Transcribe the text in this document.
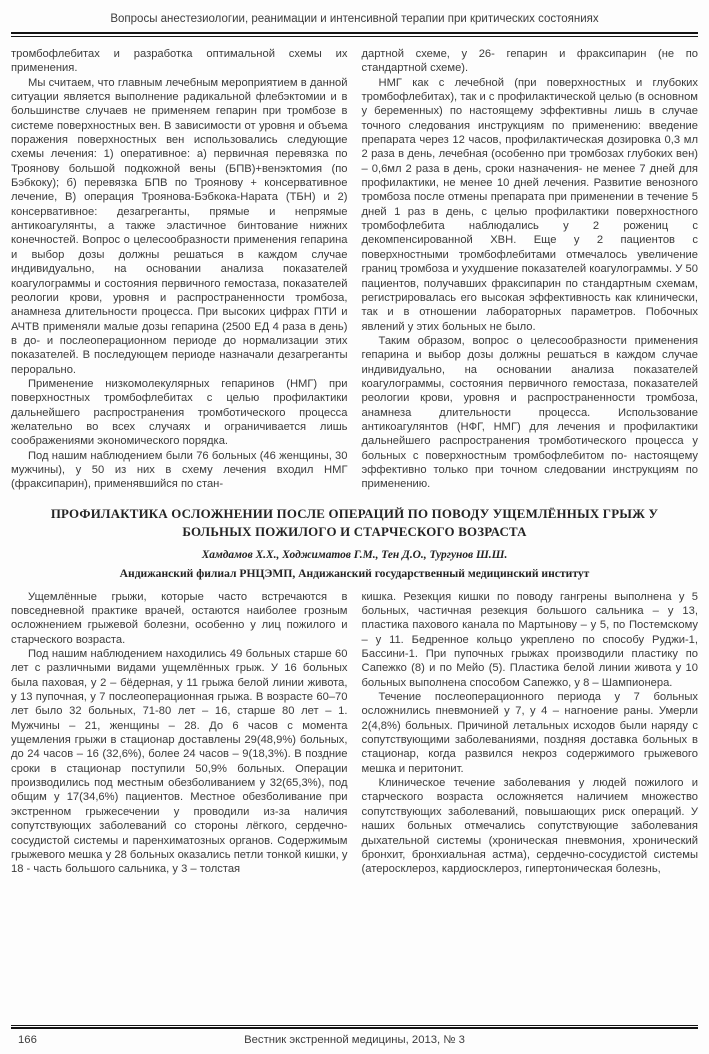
Вопросы анестезиологии, реанимации и интенсивной терапии при критических состояниях

тромбофлебитах и разработка оптимальной схемы их применения.

Мы считаем, что главным лечебным мероприятием в данной ситуации является выполнение радикальной флебэктомии и в большинстве случаев не применяем гепарин при тромбозе в системе поверхностных вен. В зависимости от уровня и объема поражения поверхностных вен использовались следующие схемы лечения: 1) оперативное: а) первичная перевязка по Троянову большой подкожной вены (БПВ)+венэктомия (по Бэбкоку); б) перевязка БПВ по Троянову + консервативное лечение, В) операция Троянова-Бэбкока-Нарата (ТБН) и 2) консервативное: дезагреганты, прямые и непрямые антикоагулянты, а также эластичное бинтование нижних конечностей. Вопрос о целесообразности применения гепарина и выбор дозы должны решаться в каждом случае индивидуально, на основании анализа показателей коагулограммы и состояния первичного гемостаза, показателей реологии крови, уровня и распространенности тромбоза, анамнеза длительности процесса. При высоких цифрах ПТИ и АЧТВ применяли малые дозы гепарина (2500 ЕД 4 раза в день) в до- и послеоперационном периоде до нормализации этих показателей. В последующем периоде назначали дезагреганты перорально.

Применение низкомолекулярных гепаринов (НМГ) при поверхностных тромбофлебитах с целью профилактики дальнейшего распространения тромботического процесса желательно во всех случаях и ограничивается лишь соображениями экономического порядка.

Под нашим наблюдением были 76 больных (46 женщины, 30 мужчины), у 50 из них в схему лечения входил НМГ (фраксипарин), применявшийся по стан-

дартной схеме, у 26- гепарин и фраксипарин (не по стандартной схеме).

НМГ как с лечебной (при поверхностных и глубоких тромбофлебитах), так и с профилактической целью (в основном у беременных) по настоящему эффективны лишь в случае точного следования инструкциям по применению: введение препарата через 12 часов, профилактическая дозировка 0,3 мл 2 раза в день, лечебная (особенно при тромбозах глубоких вен) – 0,6мл 2 раза в день, сроки назначения- не менее 7 дней для профилактики, не менее 10 дней лечения. Развитие венозного тромбоза после отмены препарата при применении в течение 5 дней 1 раз в день, с целью профилактики поверхностного тромбофлебита наблюдались у 2 рожениц с декомпенсированной ХВН. Еще у 2 пациентов с поверхностными тромбофлебитами отмечалось увеличение границ тромбоза и ухудшение показателей коагулограммы. У 50 пациентов, получавших фраксипарин по стандартным схемам, регистрировалась его высокая эффективность как клинически, так и в отношении лабораторных параметров. Побочных явлений у этих больных не было.

Таким образом, вопрос о целесообразности применения гепарина и выбор дозы должны решаться в каждом случае индивидуально, на основании анализа показателей коагулограммы, состояния первичного гемостаза, показателей реологии крови, уровня и распространенности тромбоза, анамнеза длительности процесса. Использование антикоагулянтов (НФГ, НМГ) для лечения и профилактики дальнейшего распространения тромботического процесса у больных с поверхностным тромбофлебитом по- настоящему эффективно только при точном следовании инструкциям по применению.

ПРОФИЛАКТИКА ОСЛОЖНЕНИИ ПОСЛЕ ОПЕРАЦИЙ ПО ПОВОДУ УЩЕМЛЁННЫХ ГРЫЖ У БОЛЬНЫХ ПОЖИЛОГО И СТАРЧЕСКОГО ВОЗРАСТА
Хамдамов Х.Х., Ходжиматов Г.М., Тен Д.О., Тургунов Ш.Ш.
Андижанский филиал РНЦЭМП, Андижанский государственный медицинский институт

Ущемлённые грыжи, которые часто встречаются в повседневной практике врачей, остаются наиболее грозным осложнением грыжевой болезни, особенно у лиц пожилого и старческого возраста.

Под нашим наблюдением находились 49 больных старше 60 лет с различными видами ущемлённых грыж. У 16 больных была паховая, у 2 – бёдерная, у 11 грыжа белой линии живота, у 13 пупочная, у 7 послеоперационная грыжа. В возрасте 60–70 лет было 32 больных, 71-80 лет – 16, старше 80 лет – 1. Мужчины – 21, женщины – 28. До 6 часов с момента ущемления грыжи в стационар доставлены 29(48,9%) больных, до 24 часов – 16 (32,6%), более 24 часов – 9(18,3%). В поздние сроки в стационар поступили 50,9% больных. Операции производились под местным обезболиванием у 32(65,3%), под общим у 17(34,6%) пациентов. Местное обезболивание при экстренном грыжесечении у проводили из-за наличия сопутствующих заболеваний со стороны лёгкого, сердечно-сосудистой системы и паренхиматозных органов. Содержимым грыжевого мешка у 28 больных оказались петли тонкой кишки, у 18 - часть большого сальника, у 3 – толстая

кишка. Резекция кишки по поводу гангрены выполнена у 5 больных, частичная резекция большого сальника – у 13, пластика пахового канала по Мартынову – у 5, по Постемскому – у 11. Бедренное кольцо укреплено по способу Руджи-1, Бассини-1. При пупочных грыжах производили пластику по Сапежко (8) и по Мейо (5). Пластика белой линии живота у 10 больных выполнена способом Сапежко, у 8 – Шампионера.

Течение послеоперационного периода у 7 больных осложнились пневмонией у 7, у 4 – нагноение раны. Умерли 2(4,8%) больных. Причиной летальных исходов были наряду с сопутствующими заболеваниями, поздняя доставка больных в стационар, когда развился некроз содержимого грыжевого мешка и перитонит.

Клиническое течение заболевания у людей пожилого и старческого возраста осложняется наличием множество сопутствующих заболеваний, повышающих риск операций. У наших больных отмечались сопутствующие заболевания дыхательной системы (хроническая пневмония, хронический бронхит, бронхиальная астма), сердечно-сосудистой системы (атеросклероз, кардиосклероз, гипертоническая болезнь,

166	Вестник экстренной медицины, 2013, № 3
